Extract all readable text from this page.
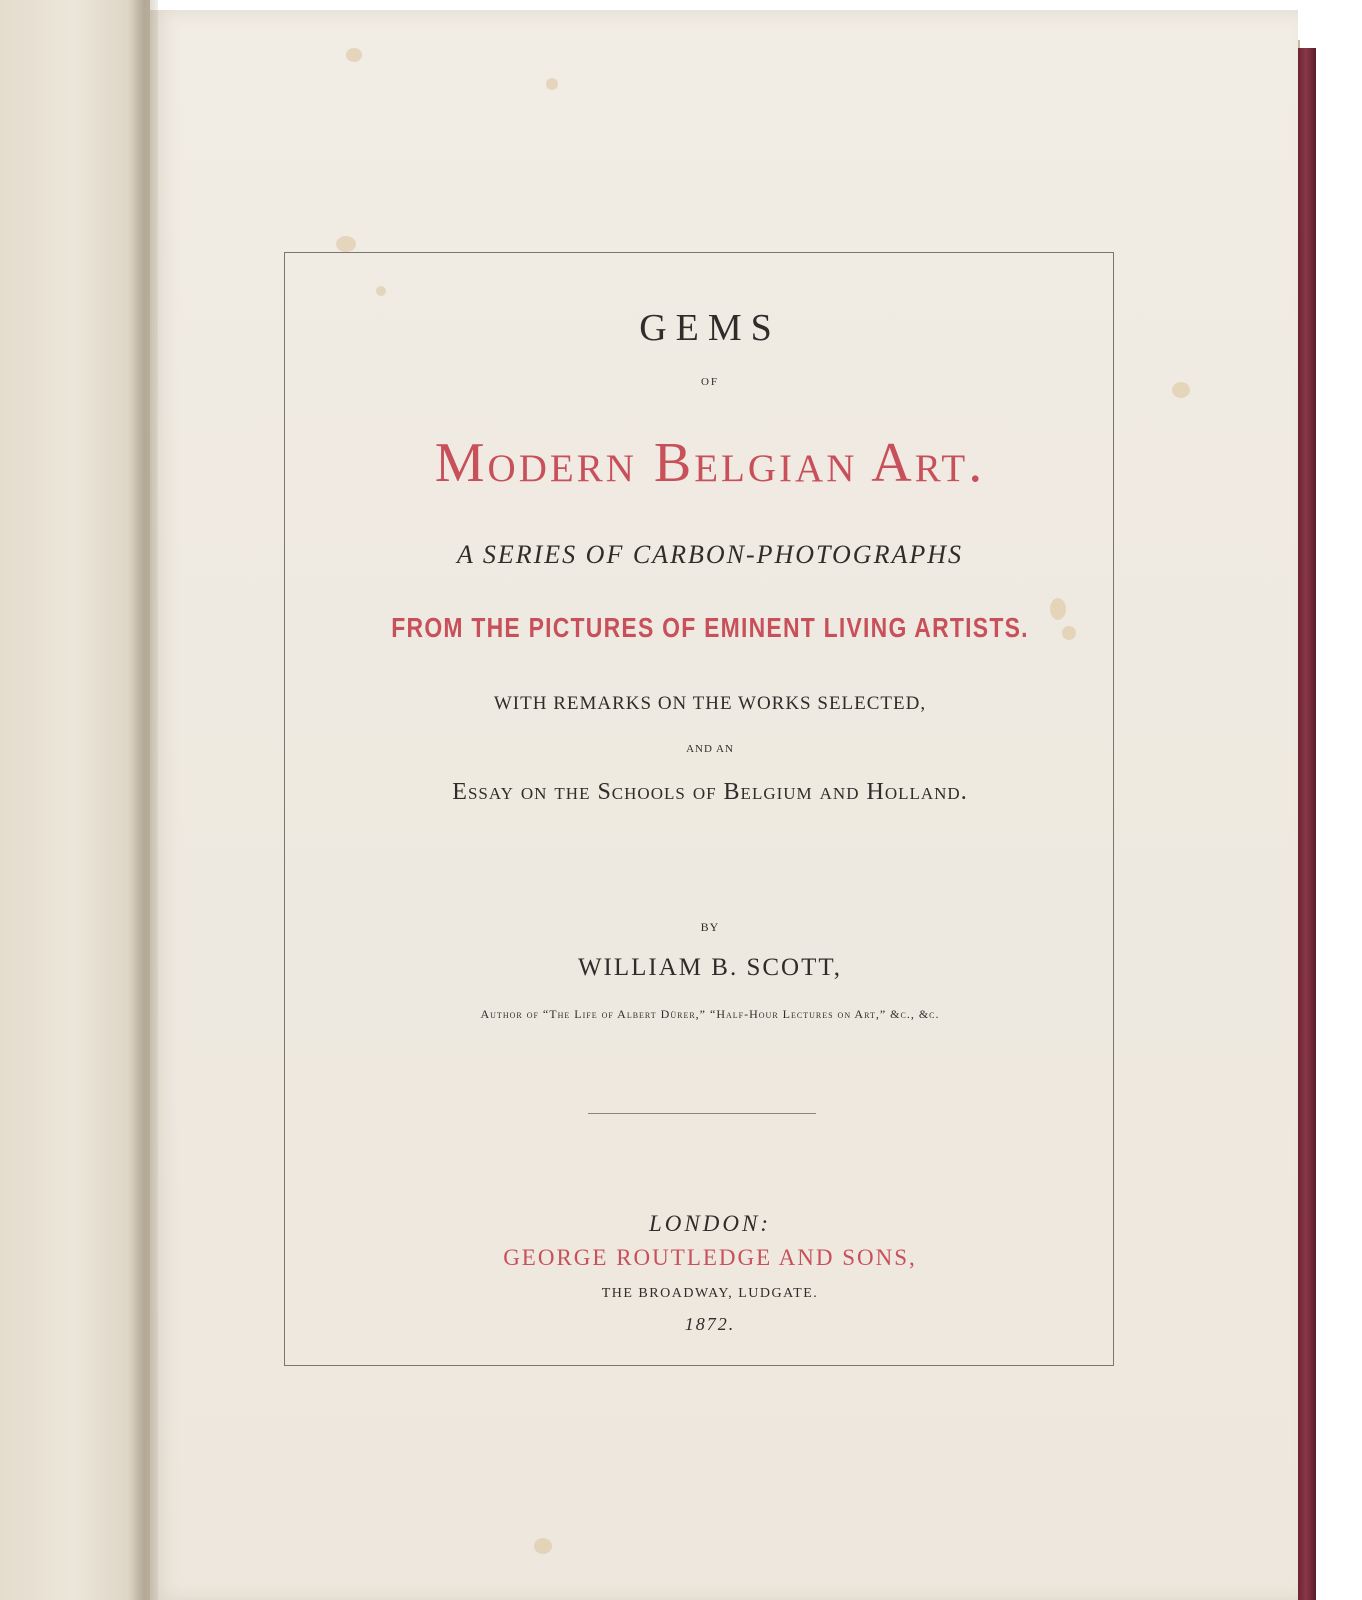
GEMS
OF
Modern Belgian Art.
A SERIES OF CARBON-PHOTOGRAPHS
FROM THE PICTURES OF EMINENT LIVING ARTISTS.
WITH REMARKS ON THE WORKS SELECTED,
AND AN
Essay on the Schools of Belgium and Holland.
BY
WILLIAM B. SCOTT,
Author of “The Life of Albert Dürer,” “Half-Hour Lectures on Art,” &c., &c.
LONDON:
GEORGE ROUTLEDGE AND SONS,
THE BROADWAY, LUDGATE.
1872.
